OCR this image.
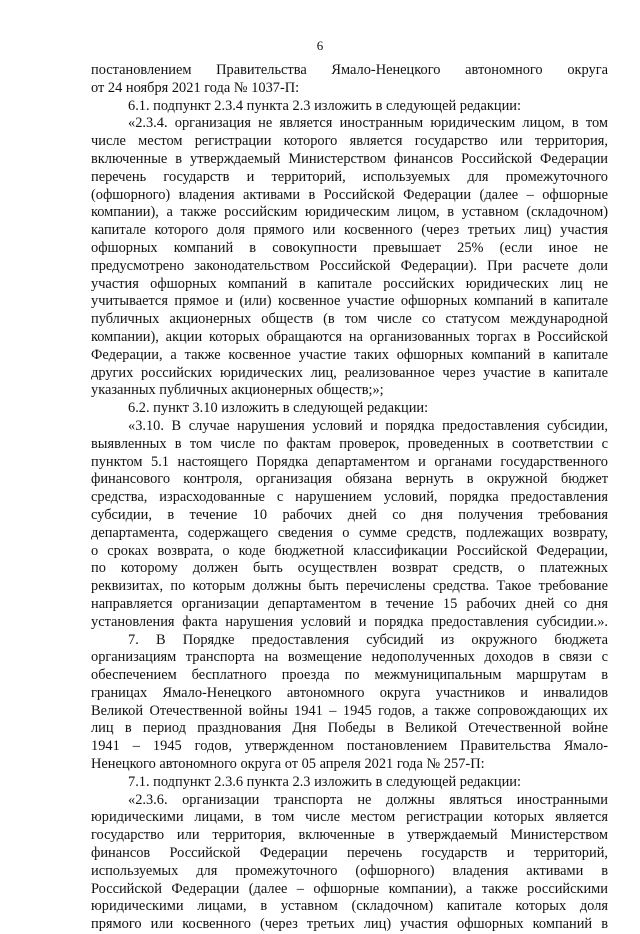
6
постановлением Правительства Ямало-Ненецкого автономного округа
от 24 ноября 2021 года № 1037-П:
6.1. подпункт 2.3.4 пункта 2.3 изложить в следующей редакции:
«2.3.4. организация не является иностранным юридическим лицом, в том
числе местом регистрации которого является государство или территория,
включенные в утверждаемый Министерством финансов Российской Федерации
перечень государств и территорий, используемых для промежуточного
(офшорного) владения активами в Российской Федерации (далее – офшорные
компании), а также российским юридическим лицом, в уставном (складочном)
капитале которого доля прямого или косвенного (через третьих лиц) участия
офшорных компаний в совокупности превышает 25% (если иное не
предусмотрено законодательством Российской Федерации). При расчете доли
участия офшорных компаний в капитале российских юридических лиц не
учитывается прямое и (или) косвенное участие офшорных компаний в капитале
публичных акционерных обществ (в том числе со статусом международной
компании), акции которых обращаются на организованных торгах в Российской
Федерации, а также косвенное участие таких офшорных компаний в капитале
других российских юридических лиц, реализованное через участие в капитале
указанных публичных акционерных обществ;»;
6.2. пункт 3.10 изложить в следующей редакции:
«3.10. В случае нарушения условий и порядка предоставления субсидии,
выявленных в том числе по фактам проверок, проведенных в соответствии с
пунктом 5.1 настоящего Порядка департаментом и органами государственного
финансового контроля, организация обязана вернуть в окружной бюджет
средства, израсходованные с нарушением условий, порядка предоставления
субсидии, в течение 10 рабочих дней со дня получения требования
департамента, содержащего сведения о сумме средств, подлежащих возврату,
о сроках возврата, о коде бюджетной классификации Российской Федерации,
по которому должен быть осуществлен возврат средств, о платежных
реквизитах, по которым должны быть перечислены средства. Такое требование
направляется организации департаментом в течение 15 рабочих дней со дня
установления факта нарушения условий и порядка предоставления субсидии.».
7. В Порядке предоставления субсидий из окружного бюджета
организациям транспорта на возмещение недополученных доходов в связи с
обеспечением бесплатного проезда по межмуниципальным маршрутам в
границах Ямало-Ненецкого автономного округа участников и инвалидов
Великой Отечественной войны 1941 – 1945 годов, а также сопровождающих их
лиц в период празднования Дня Победы в Великой Отечественной войне
1941 – 1945 годов, утвержденном постановлением Правительства Ямало-
Ненецкого автономного округа от 05 апреля 2021 года № 257-П:
7.1. подпункт 2.3.6 пункта 2.3 изложить в следующей редакции:
«2.3.6. организации транспорта не должны являться иностранными
юридическими лицами, в том числе местом регистрации которых является
государство или территория, включенные в утверждаемый Министерством
финансов Российской Федерации перечень государств и территорий,
используемых для промежуточного (офшорного) владения активами в
Российской Федерации (далее – офшорные компании), а также российскими
юридическими лицами, в уставном (складочном) капитале которых доля
прямого или косвенного (через третьих лиц) участия офшорных компаний в
